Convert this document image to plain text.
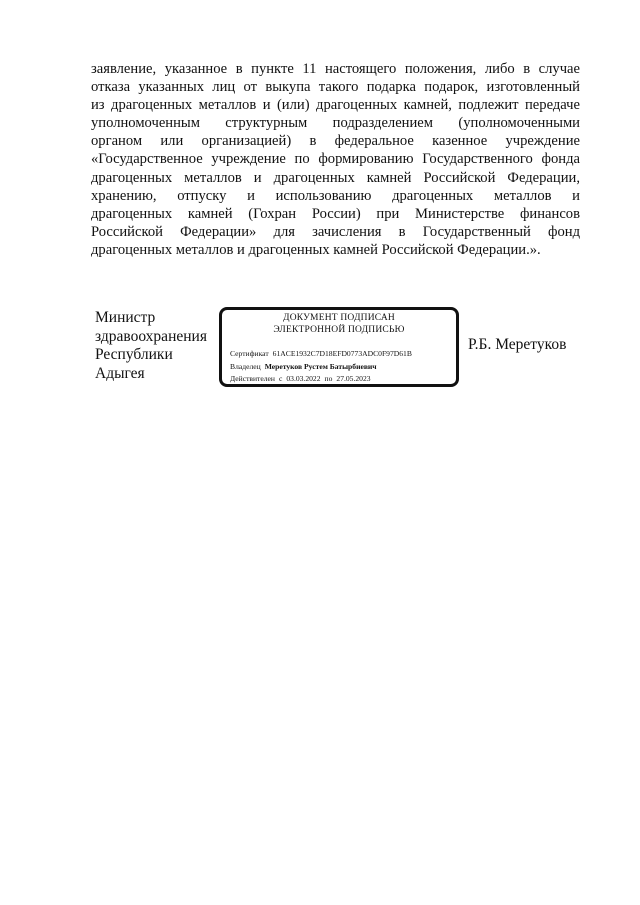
заявление, указанное в пункте 11 настоящего положения, либо в случае
отказа указанных лиц от выкупа такого подарка подарок, изготовленный
из драгоценных металлов и (или) драгоценных камней, подлежит передаче
уполномоченным структурным подразделением (уполномоченными
органом или организацией) в федеральное казенное учреждение
«Государственное учреждение по формированию Государственного фонда
драгоценных металлов и драгоценных камней Российской Федерации,
хранению, отпуску и использованию драгоценных металлов и
драгоценных камней (Гохран России) при Министерстве финансов
Российской Федерации» для зачисления в Государственный фонд
драгоценных металлов и драгоценных камней Российской Федерации.».
Министр
здравоохранения
Республики
Адыгея
ДОКУМЕНТ ПОДПИСАН
ЭЛЕКТРОННОЙ ПОДПИСЬЮ
Сертификат 61ACE1932C7D18EFD0773ADC0F97D61B
Владелец Меретуков Рустем Батырбиевич
Действителен с 03.03.2022 по 27.05.2023
Р.Б. Меретуков
